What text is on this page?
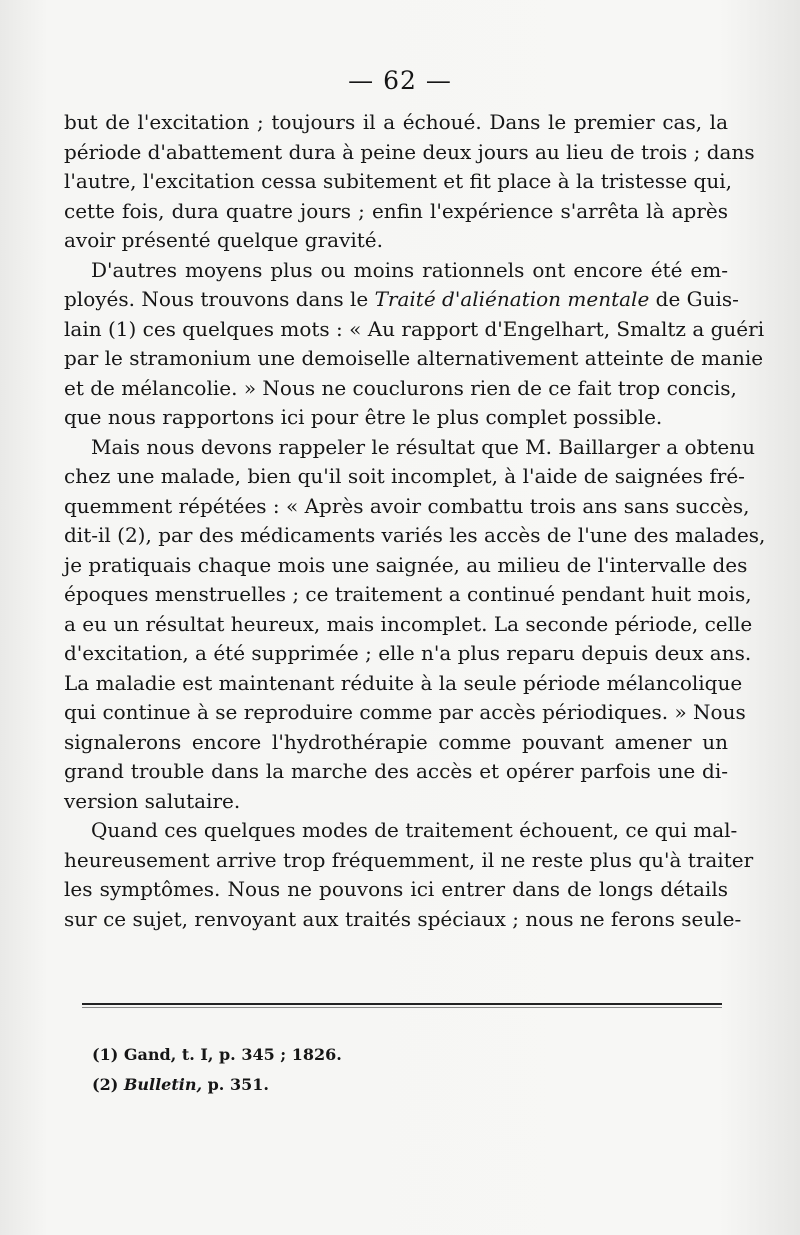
— 62 —
but de l'excitation ; toujours il a échoué. Dans le premier cas, la
période d'abattement dura à peine deux jours au lieu de trois ; dans
l'autre, l'excitation cessa subitement et fit place à la tristesse qui,
cette fois, dura quatre jours ; enfin l'expérience s'arrêta là après
avoir présenté quelque gravité.
D'autres moyens plus ou moins rationnels ont encore été em-
ployés. Nous trouvons dans le Traité d'aliénation mentale de Guis-
lain (1) ces quelques mots : « Au rapport d'Engelhart, Smaltz a guéri
par le stramonium une demoiselle alternativement atteinte de manie
et de mélancolie. » Nous ne couclurons rien de ce fait trop concis,
que nous rapportons ici pour être le plus complet possible.
Mais nous devons rappeler le résultat que M. Baillarger a obtenu
chez une malade, bien qu'il soit incomplet, à l'aide de saignées fré-
quemment répétées : « Après avoir combattu trois ans sans succès,
dit-il (2), par des médicaments variés les accès de l'une des malades,
je pratiquais chaque mois une saignée, au milieu de l'intervalle des
époques menstruelles ; ce traitement a continué pendant huit mois,
a eu un résultat heureux, mais incomplet. La seconde période, celle
d'excitation, a été supprimée ; elle n'a plus reparu depuis deux ans.
La maladie est maintenant réduite à la seule période mélancolique
qui continue à se reproduire comme par accès périodiques. » Nous
signalerons encore l'hydrothérapie comme pouvant amener un
grand trouble dans la marche des accès et opérer parfois une di-
version salutaire.
Quand ces quelques modes de traitement échouent, ce qui mal-
heureusement arrive trop fréquemment, il ne reste plus qu'à traiter
les symptômes. Nous ne pouvons ici entrer dans de longs détails
sur ce sujet, renvoyant aux traités spéciaux ; nous ne ferons seule-
(1) Gand, t. I, p. 345 ; 1826.
(2) Bulletin, p. 351.
